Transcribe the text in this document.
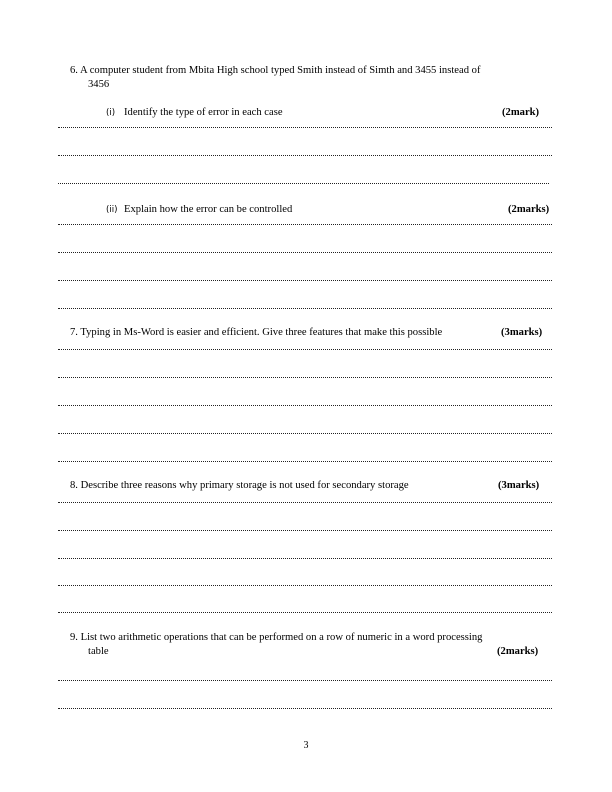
6. A computer student from Mbita High school typed Smith instead of Simth and 3455 instead of
3456
(i) Identify the type of error in each case	(2mark)
(ii) Explain how the error can be controlled	(2marks)
7. Typing in Ms-Word is easier and efficient. Give three features that make this possible	(3marks)
8. Describe three reasons why primary storage is not used for secondary storage	(3marks)
9. List two arithmetic operations that can be performed on a row of numeric in a word processing
table	(2marks)
3
